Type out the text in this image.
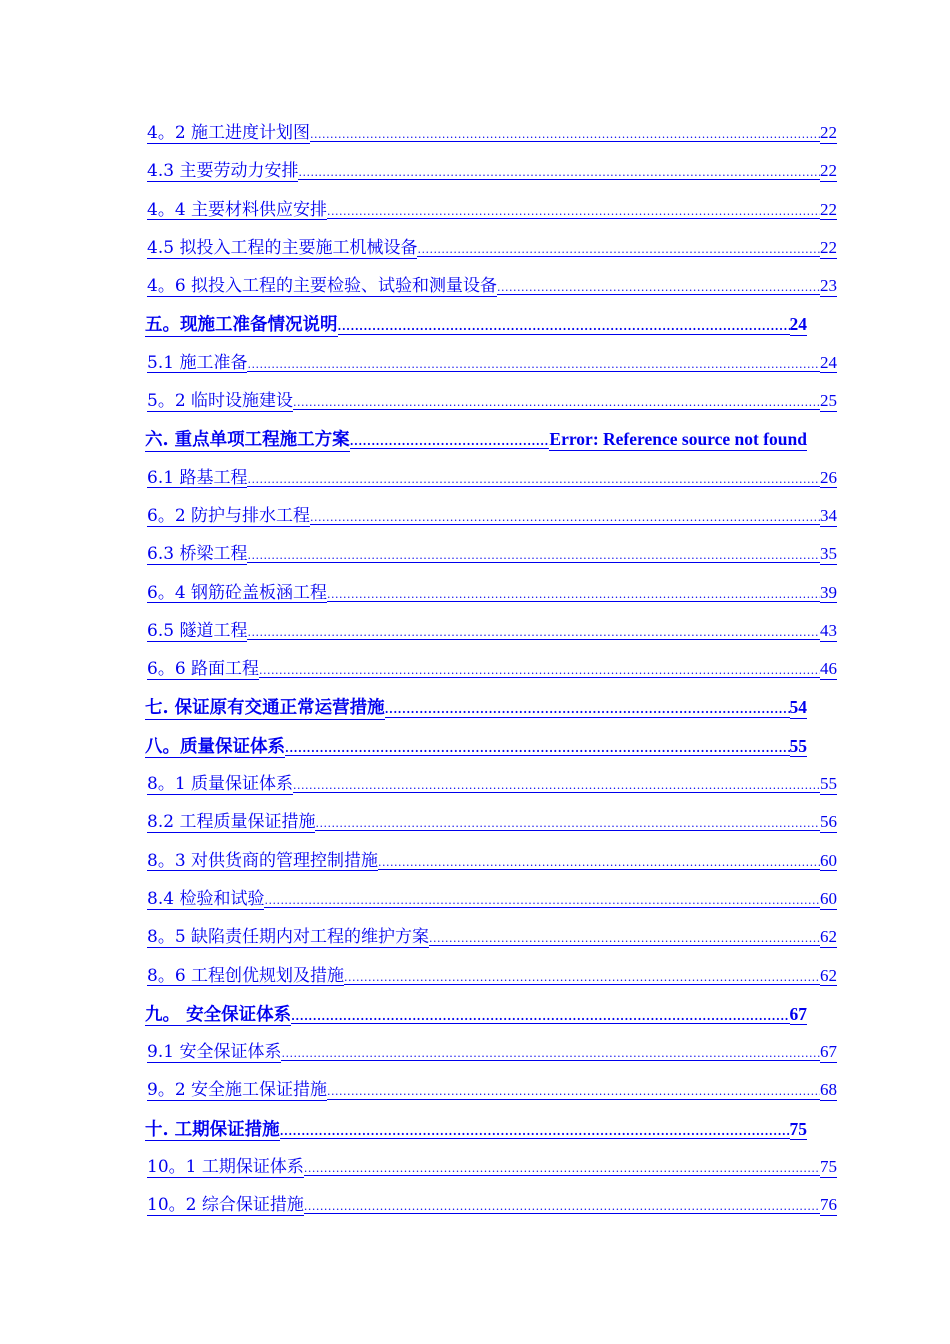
4。2 施工进度计划图 .....	22
4.3 主要劳动力安排 .....	22
4。4 主要材料供应安排 .....	22
4.5 拟投入工程的主要施工机械设备 .....	22
4。6 拟投入工程的主要检验、试验和测量设备 .....	23
五。现施工准备情况说明 .....	24
5.1 施工准备 .....	24
5。2 临时设施建设 .....	25
六. 重点单项工程施工方案 .....	Error: Reference source not found
6.1 路基工程 .....	26
6。2 防护与排水工程 .....	34
6.3 桥梁工程 .....	35
6。4 钢筋砼盖板涵工程 .....	39
6.5 隧道工程 .....	43
6。6 路面工程 .....	46
七. 保证原有交通正常运营措施 .....	54
八。质量保证体系 .....	55
8。1 质量保证体系 .....	55
8.2 工程质量保证措施 .....	56
8。3 对供货商的管理控制措施 .....	60
8.4 检验和试验 .....	60
8。5 缺陷责任期内对工程的维护方案 .....	62
8。6 工程创优规划及措施 .....	62
九。 安全保证体系 .....	67
9.1 安全保证体系 .....	67
9。2 安全施工保证措施 .....	68
十. 工期保证措施 .....	75
10。1 工期保证体系 .....	75
10。2 综合保证措施 .....	76
